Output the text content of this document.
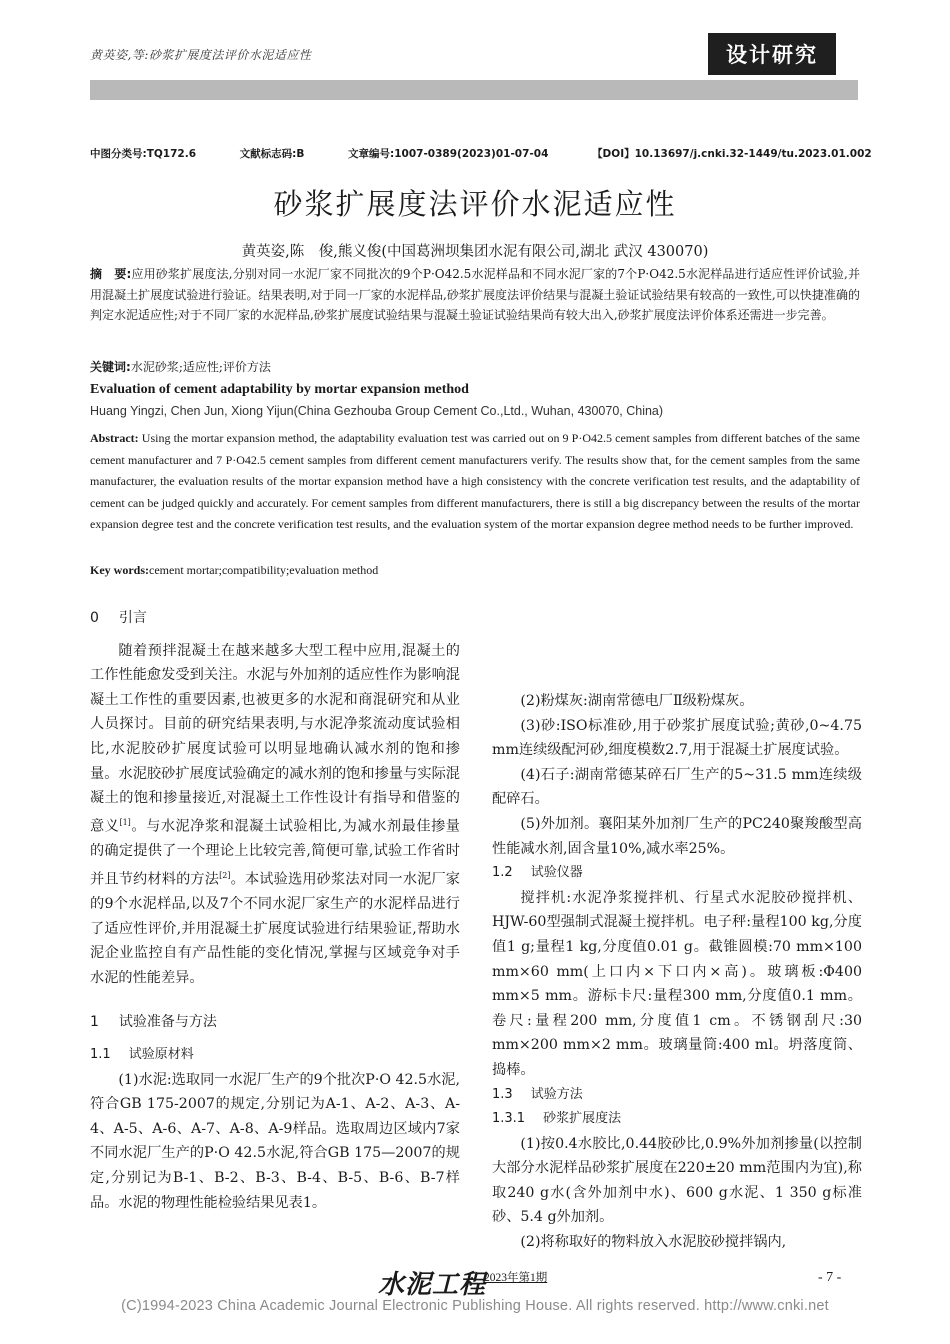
黄英姿,等:砂浆扩展度法评价水泥适应性	设计研究
中图分类号:TQ172.6	文献标志码:B	文章编号:1007-0389(2023)01-07-04	【DOI】10.13697/j.cnki.32-1449/tu.2023.01.002
砂浆扩展度法评价水泥适应性
黄英姿,陈　俊,熊义俊(中国葛洲坝集团水泥有限公司,湖北 武汉 430070)
摘　要:应用砂浆扩展度法,分别对同一水泥厂家不同批次的9个P·O42.5水泥样品和不同水泥厂家的7个P·O42.5水泥样品进行适应性评价试验,并用混凝土扩展度试验进行验证。结果表明,对于同一厂家的水泥样品,砂浆扩展度法评价结果与混凝土验证试验结果有较高的一致性,可以快捷准确的判定水泥适应性;对于不同厂家的水泥样品,砂浆扩展度试验结果与混凝土验证试验结果尚有较大出入,砂浆扩展度法评价体系还需进一步完善。
关键词:水泥砂浆;适应性;评价方法
Evaluation of cement adaptability by mortar expansion method
Huang Yingzi, Chen Jun, Xiong Yijun(China Gezhouba Group Cement Co.,Ltd., Wuhan, 430070, China)
Abstract: Using the mortar expansion method, the adaptability evaluation test was carried out on 9 P·O42.5 cement samples from different batches of the same cement manufacturer and 7 P·O42.5 cement samples from different cement manufacturers verify. The results show that, for the cement samples from the same manufacturer, the evaluation results of the mortar expansion method have a high consistency with the concrete verification test results, and the adaptability of cement can be judged quickly and accurately. For cement samples from different manufacturers, there is still a big discrepancy between the results of the mortar expansion degree test and the concrete verification test results, and the evaluation system of the mortar expansion degree method needs to be further improved.
Key words:cement mortar;compatibility;evaluation method

0 引言

随着预拌混凝土在越来越多大型工程中应用,混凝土的工作性能愈发受到关注。水泥与外加剂的适应性作为影响混凝土工作性的重要因素,也被更多的水泥和商混研究和从业人员探讨。目前的研究结果表明,与水泥净浆流动度试验相比,水泥胶砂扩展度试验可以明显地确认减水剂的饱和掺量。水泥胶砂扩展度试验确定的减水剂的饱和掺量与实际混凝土的饱和掺量接近,对混凝土工作性设计有指导和借鉴的意义[1]。与水泥净浆和混凝土试验相比,为减水剂最佳掺量的确定提供了一个理论上比较完善,简便可靠,试验工作省时并且节约材料的方法[2]。本试验选用砂浆法对同一水泥厂家的9个水泥样品,以及7个不同水泥厂家生产的水泥样品进行了适应性评价,并用混凝土扩展度试验进行结果验证,帮助水泥企业监控自有产品性能的变化情况,掌握与区域竞争对手水泥的性能差异。

1 试验准备与方法

1.1 试验原材料

(1)水泥:选取同一水泥厂生产的9个批次P·O 42.5水泥,符合GB 175-2007的规定,分别记为A-1、A-2、A-3、A-4、A-5、A-6、A-7、A-8、A-9样品。选取周边区域内7家不同水泥厂生产的P·O 42.5水泥,符合GB 175—2007的规定,分别记为B-1、B-2、B-3、B-4、B-5、B-6、B-7样品。水泥的物理性能检验结果见表1。

(2)粉煤灰:湖南常德电厂Ⅱ级粉煤灰。

(3)砂:ISO标准砂,用于砂浆扩展度试验;黄砂,0~4.75 mm连续级配河砂,细度模数2.7,用于混凝土扩展度试验。

(4)石子:湖南常德某碎石厂生产的5~31.5 mm连续级配碎石。

(5)外加剂。襄阳某外加剂厂生产的PC240聚羧酸型高性能减水剂,固含量10%,减水率25%。

1.2 试验仪器

搅拌机:水泥净浆搅拌机、行星式水泥胶砂搅拌机、HJW-60型强制式混凝土搅拌机。电子秤:量程100 kg,分度值1 g;量程1 kg,分度值0.01 g。截锥圆模:70 mm×100 mm×60 mm(上口内×下口内×高)。玻璃板:Φ400 mm×5 mm。游标卡尺:量程300 mm,分度值0.1 mm。卷尺:量程200 mm,分度值1 cm。不锈钢刮尺:30 mm×200 mm×2 mm。玻璃量筒:400 ml。坍落度筒、捣棒。

1.3 试验方法

1.3.1 砂浆扩展度法

(1)按0.4水胶比,0.44胶砂比,0.9%外加剂掺量(以控制大部分水泥样品砂浆扩展度在220±20 mm范围内为宜),称取240 g水(含外加剂中水)、600 g水泥、1 350 g标准砂、5.4 g外加剂。

(2)将称取好的物料放入水泥胶砂搅拌锅内,

水泥工程
2023年第1期	- 7 -
(C)1994-2023 China Academic Journal Electronic Publishing House. All rights reserved. http://www.cnki.net
